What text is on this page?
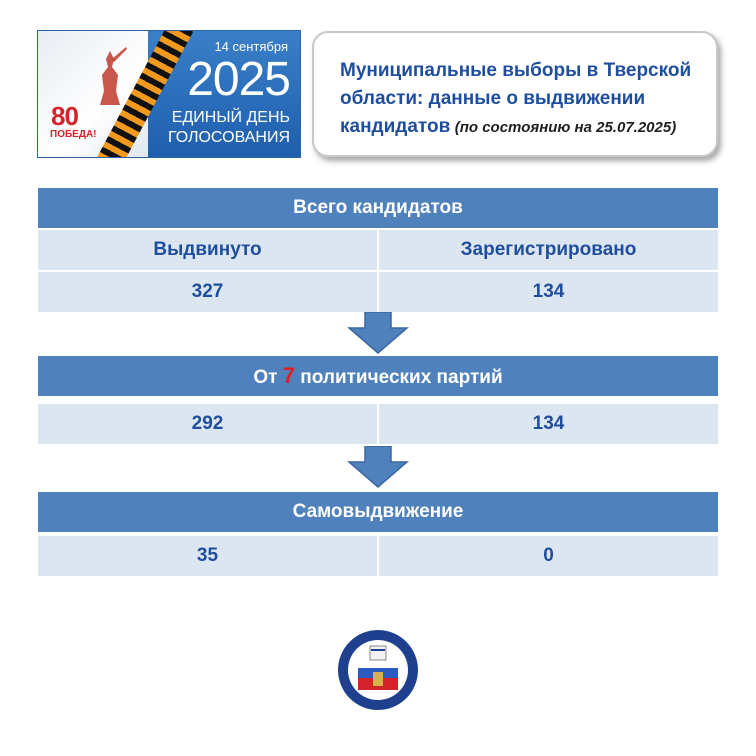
80
ПОБЕДА!
14 сентября
2025
ЕДИНЫЙ ДЕНЬ
ГОЛОСОВАНИЯ
Муниципальные выборы в Тверской области: данные о выдвижении кандидатов (по состоянию на 25.07.2025)
Всего кандидатов
Выдвинуто	Зарегистрировано
327	134
От 7 политических партий
292	134
Самовыдвижение
35	0
